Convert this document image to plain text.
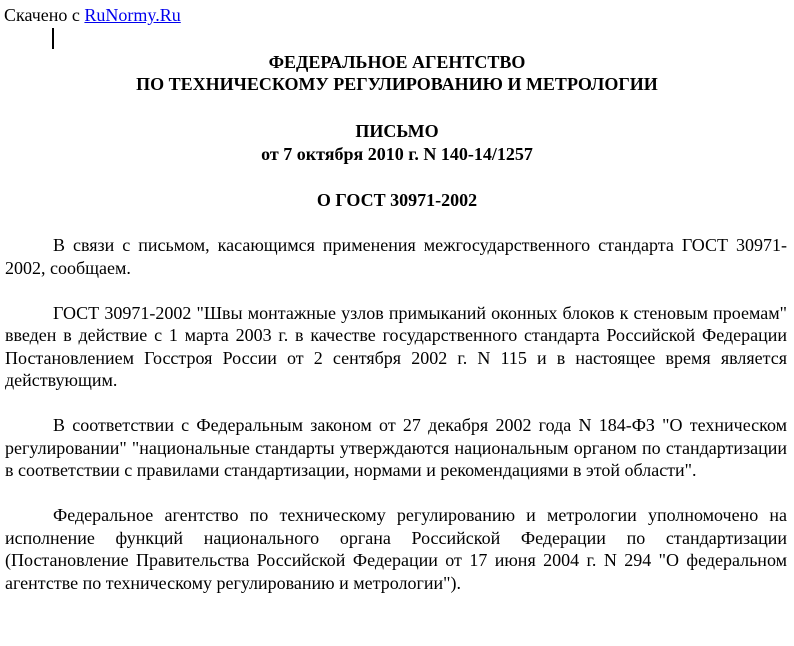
Скачено с RuNormy.Ru
ФЕДЕРАЛЬНОЕ АГЕНТСТВО
ПО ТЕХНИЧЕСКОМУ РЕГУЛИРОВАНИЮ И МЕТРОЛОГИИ
ПИСЬМО
от 7 октября 2010 г. N 140-14/1257
О ГОСТ 30971-2002

В связи с письмом, касающимся применения межгосударственного стандарта ГОСТ 30971-2002, сообщаем.

ГОСТ 30971-2002 "Швы монтажные узлов примыканий оконных блоков к стеновым проемам" введен в действие с 1 марта 2003 г. в качестве государственного стандарта Российской Федерации Постановлением Госстроя России от 2 сентября 2002 г. N 115 и в настоящее время является действующим.

В соответствии с Федеральным законом от 27 декабря 2002 года N 184-ФЗ "О техническом регулировании" "национальные стандарты утверждаются национальным органом по стандартизации в соответствии с правилами стандартизации, нормами и рекомендациями в этой области".

Федеральное агентство по техническому регулированию и метрологии уполномочено на исполнение функций национального органа Российской Федерации по стандартизации (Постановление Правительства Российской Федерации от 17 июня 2004 г. N 294 "О федеральном агентстве по техническому регулированию и метрологии").
